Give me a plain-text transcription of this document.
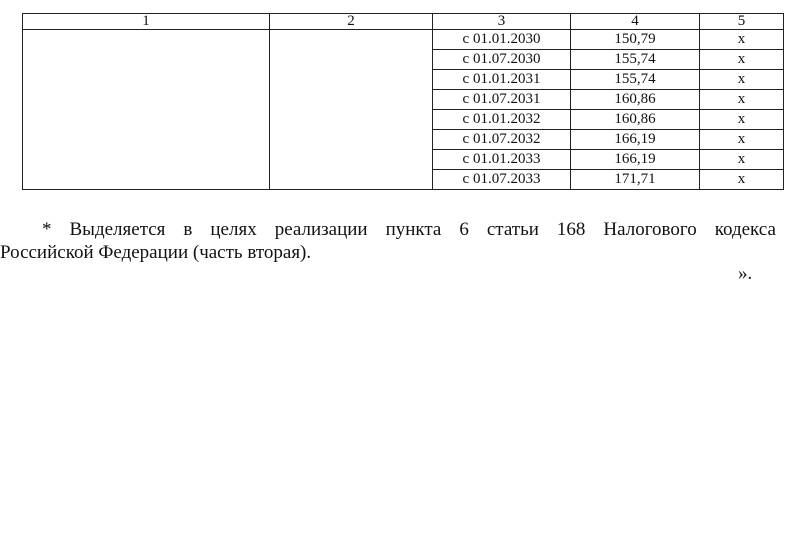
1	2	3	4	5
		с 01.01.2030	150,79	х
		с 01.07.2030	155,74	х
		с 01.01.2031	155,74	х
		с 01.07.2031	160,86	х
		с 01.01.2032	160,86	х
		с 01.07.2032	166,19	х
		с 01.01.2033	166,19	х
		с 01.07.2033	171,71	х
* Выделяется в целях реализации пункта 6 статьи 168 Налогового кодекса
Российской Федерации (часть вторая).
».
